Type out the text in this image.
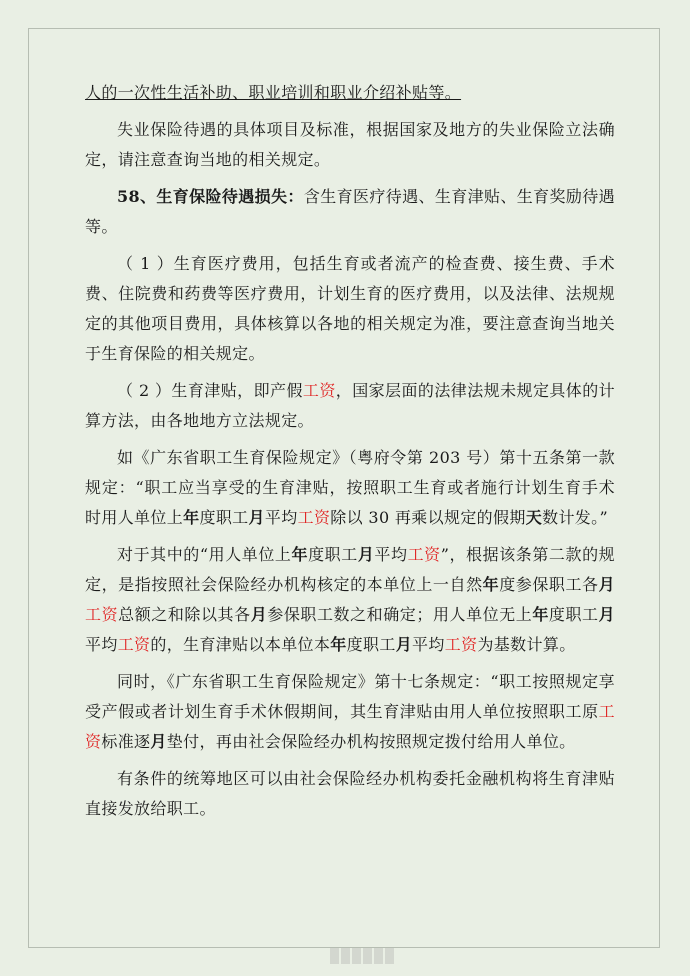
人的一次性生活补助、职业培训和职业介绍补贴等。

失业保险待遇的具体项目及标准，根据国家及地方的失业保险立法确定，请注意查询当地的相关规定。

58、生育保险待遇损失：含生育医疗待遇、生育津贴、生育奖励待遇等。

（ 1 ）生育医疗费用，包括生育或者流产的检查费、接生费、手术费、住院费和药费等医疗费用，计划生育的医疗费用，以及法律、法规规定的其他项目费用，具体核算以各地的相关规定为准，要注意查询当地关于生育保险的相关规定。

（ 2 ）生育津贴，即产假工资，国家层面的法律法规未规定具体的计算方法，由各地地方立法规定。

如《广东省职工生育保险规定》（粤府令第 203 号）第十五条第一款规定：“职工应当享受的生育津贴，按照职工生育或者施行计划生育手术时用人单位上年度职工月平均工资除以 30 再乘以规定的假期天数计发。”

对于其中的“用人单位上年度职工月平均工资”，根据该条第二款的规定，是指按照社会保险经办机构核定的本单位上一自然年度参保职工各月工资总额之和除以其各月参保职工数之和确定；用人单位无上年度职工月平均工资的，生育津贴以本单位本年度职工月平均工资为基数计算。

同时，《广东省职工生育保险规定》第十七条规定：“职工按照规定享受产假或者计划生育手术休假期间，其生育津贴由用人单位按照职工原工资标准逐月垫付，再由社会保险经办机构按照规定拨付给用人单位。

有条件的统筹地区可以由社会保险经办机构委托金融机构将生育津贴直接发放给职工。
